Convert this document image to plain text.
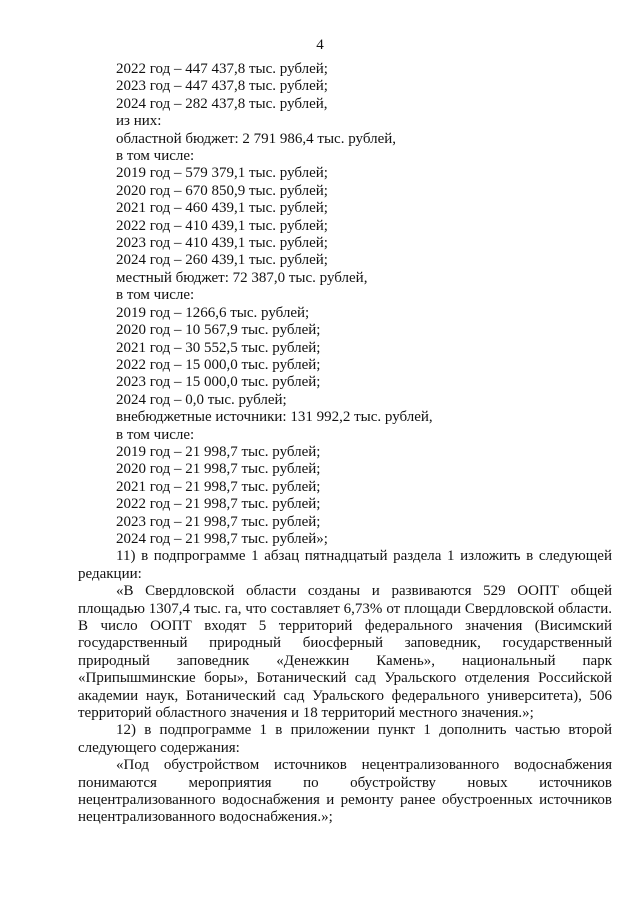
4
2022 год – 447 437,8 тыс. рублей;
2023 год – 447 437,8 тыс. рублей;
2024 год – 282 437,8 тыс. рублей,
из них:
областной бюджет: 2 791 986,4 тыс. рублей,
в том числе:
2019 год – 579 379,1 тыс. рублей;
2020 год – 670 850,9 тыс. рублей;
2021 год – 460 439,1 тыс. рублей;
2022 год – 410 439,1 тыс. рублей;
2023 год – 410 439,1 тыс. рублей;
2024 год – 260 439,1 тыс. рублей;
местный бюджет: 72 387,0 тыс. рублей,
в том числе:
2019 год – 1266,6 тыс. рублей;
2020 год – 10 567,9 тыс. рублей;
2021 год – 30 552,5 тыс. рублей;
2022 год – 15 000,0 тыс. рублей;
2023 год – 15 000,0 тыс. рублей;
2024 год – 0,0 тыс. рублей;
внебюджетные источники: 131 992,2 тыс. рублей,
в том числе:
2019 год – 21 998,7 тыс. рублей;
2020 год – 21 998,7 тыс. рублей;
2021 год – 21 998,7 тыс. рублей;
2022 год – 21 998,7 тыс. рублей;
2023 год – 21 998,7 тыс. рублей;
2024 год – 21 998,7 тыс. рублей»;

11) в подпрограмме 1 абзац пятнадцатый раздела 1 изложить в следующей редакции:

«В Свердловской области созданы и развиваются 529 ООПТ общей площадью 1307,4 тыс. га, что составляет 6,73% от площади Свердловской области. В число ООПТ входят 5 территорий федерального значения (Висимский государственный природный биосферный заповедник, государственный природный заповедник «Денежкин Камень», национальный парк «Припышминские боры», Ботанический сад Уральского отделения Российской академии наук, Ботанический сад Уральского федерального университета), 506 территорий областного значения и 18 территорий местного значения.»;

12) в подпрограмме 1 в приложении пункт 1 дополнить частью второй следующего содержания:

«Под обустройством источников нецентрализованного водоснабжения понимаются мероприятия по обустройству новых источников нецентрализованного водоснабжения и ремонту ранее обустроенных источников нецентрализованного водоснабжения.»;
